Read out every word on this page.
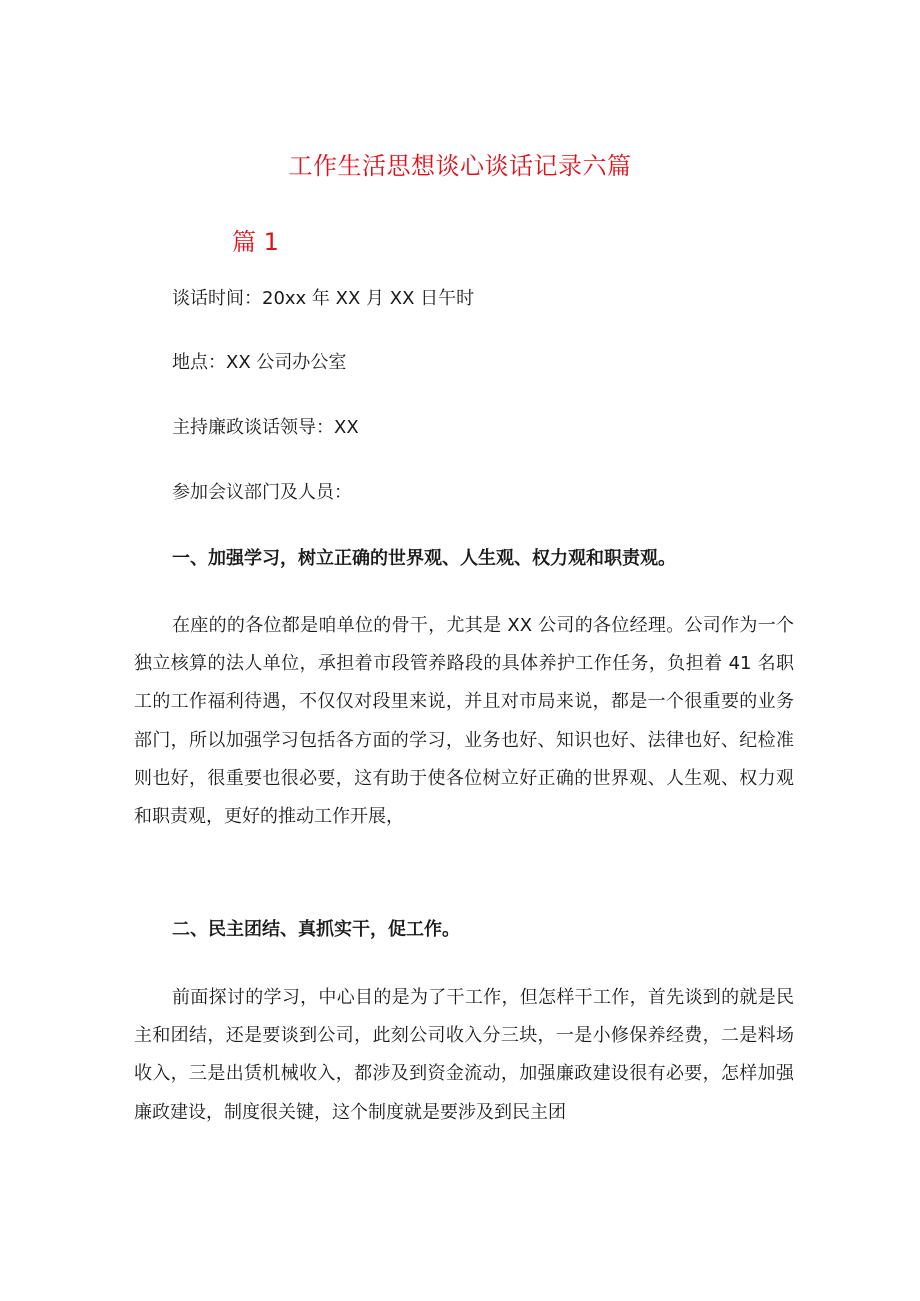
工作生活思想谈心谈话记录六篇
篇 1

谈话时间：20xx 年 XX 月 XX 日午时

地点：XX 公司办公室

主持廉政谈话领导：XX

参加会议部门及人员：

一、加强学习，树立正确的世界观、人生观、权力观和职责观。

在座的的各位都是咱单位的骨干，尤其是 XX 公司的各位经理。公司作为一个独立核算的法人单位，承担着市段管养路段的具体养护工作任务，负担着 41 名职工的工作福利待遇，不仅仅对段里来说，并且对市局来说，都是一个很重要的业务部门，所以加强学习包括各方面的学习，业务也好、知识也好、法律也好、纪检准则也好，很重要也很必要，这有助于使各位树立好正确的世界观、人生观、权力观和职责观，更好的推动工作开展，

二、民主团结、真抓实干，促工作。

前面探讨的学习，中心目的是为了干工作，但怎样干工作，首先谈到的就是民主和团结，还是要谈到公司，此刻公司收入分三块，一是小修保养经费，二是料场收入，三是出赁机械收入，都涉及到资金流动，加强廉政建设很有必要，怎样加强廉政建设，制度很关键，这个制度就是要涉及到民主团
